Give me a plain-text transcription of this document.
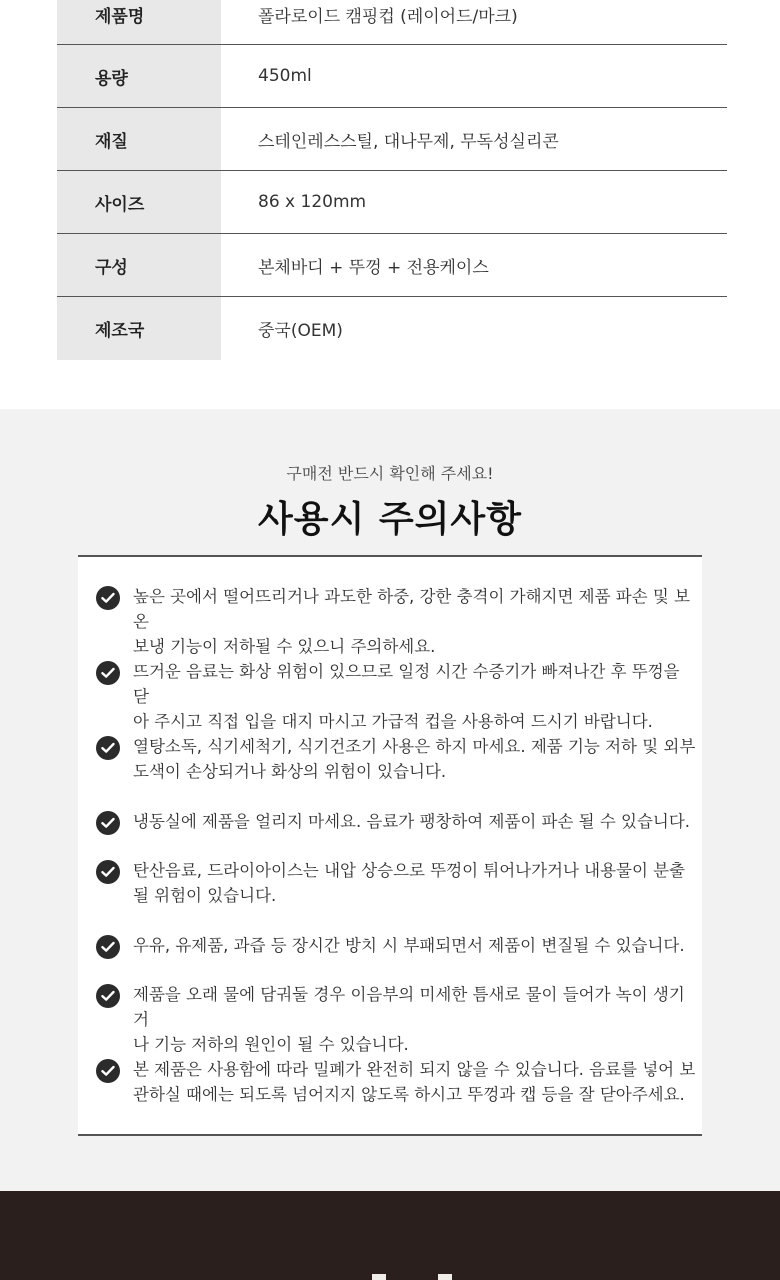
제품명	폴라로이드 캠핑컵 (레이어드/마크)
용량	450ml
재질	스테인레스스틸, 대나무제, 무독성실리콘
사이즈	86 x 120mm
구성	본체바디 + 뚜껑 + 전용케이스
제조국	중국(OEM)
구매전 반드시 확인해 주세요!
사용시 주의사항
높은 곳에서 떨어뜨리거나 과도한 하중, 강한 충격이 가해지면 제품 파손 및 보온
보냉 기능이 저하될 수 있으니 주의하세요.
뜨거운 음료는 화상 위험이 있으므로 일정 시간 수증기가 빠져나간 후 뚜껑을 닫
아 주시고 직접 입을 대지 마시고 가급적 컵을 사용하여 드시기 바랍니다.
열탕소독, 식기세척기, 식기건조기 사용은 하지 마세요. 제품 기능 저하 및 외부
도색이 손상되거나 화상의 위험이 있습니다.
냉동실에 제품을 얼리지 마세요. 음료가 팽창하여 제품이 파손 될 수 있습니다.
탄산음료, 드라이아이스는 내압 상승으로 뚜껑이 튀어나가거나 내용물이 분출
될 위험이 있습니다.
우유, 유제품, 과즙 등 장시간 방치 시 부패되면서 제품이 변질될 수 있습니다.
제품을 오래 물에 담궈둘 경우 이음부의 미세한 틈새로 물이 들어가 녹이 생기거
나 기능 저하의 원인이 될 수 있습니다.
본 제품은 사용함에 따라 밀폐가 완전히 되지 않을 수 있습니다. 음료를 넣어 보
관하실 때에는 되도록 넘어지지 않도록 하시고 뚜껑과 캡 등을 잘 닫아주세요.
